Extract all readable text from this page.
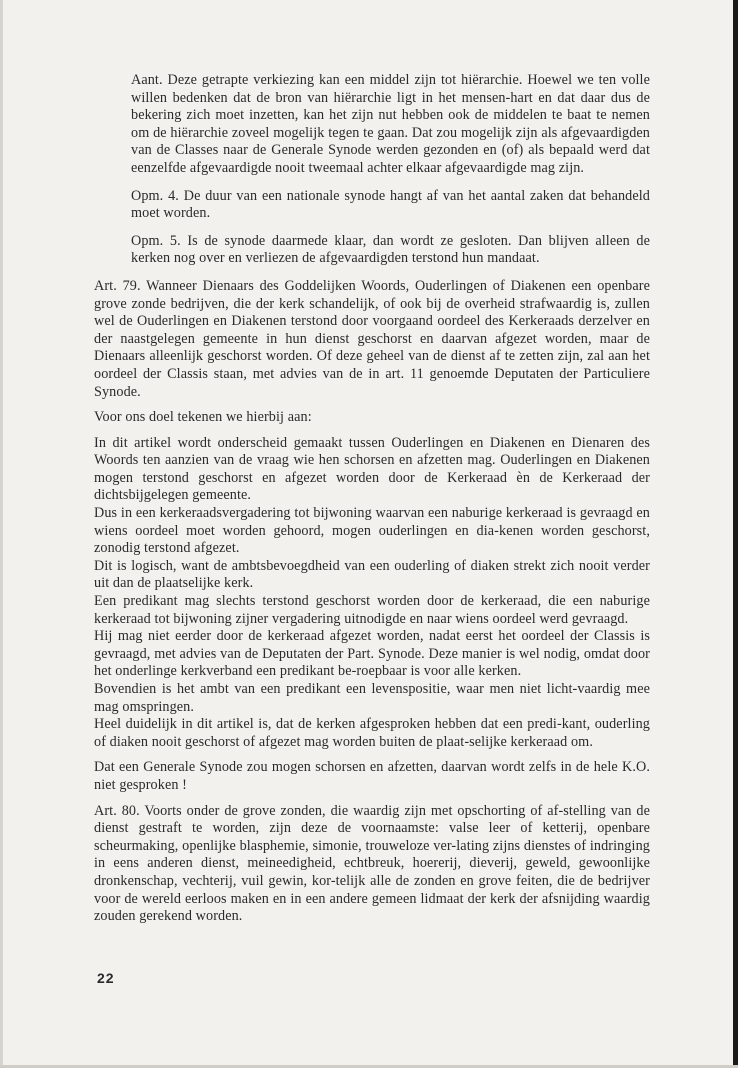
Aant. Deze getrapte verkiezing kan een middel zijn tot hiërarchie. Hoewel we ten volle willen bedenken dat de bron van hiërarchie ligt in het mensen-hart en dat daar dus de bekering zich moet inzetten, kan het zijn nut hebben ook de middelen te baat te nemen om de hiërarchie zoveel mogelijk tegen te gaan. Dat zou mogelijk zijn als afgevaardigden van de Classes naar de Generale Synode werden gezonden en (of) als bepaald werd dat eenzelfde afgevaardigde nooit tweemaal achter elkaar afgevaardigde mag zijn.

Opm. 4. De duur van een nationale synode hangt af van het aantal zaken dat behandeld moet worden.

Opm. 5. Is de synode daarmede klaar, dan wordt ze gesloten. Dan blijven alleen de kerken nog over en verliezen de afgevaardigden terstond hun mandaat.

Art. 79. Wanneer Dienaars des Goddelijken Woords, Ouderlingen of Diakenen een openbare grove zonde bedrijven, die der kerk schandelijk, of ook bij de overheid strafwaardig is, zullen wel de Ouderlingen en Diakenen terstond door voorgaand oordeel des Kerkeraads derzelver en der naastgelegen gemeente in hun dienst geschorst en daarvan afgezet worden, maar de Dienaars alleenlijk geschorst worden. Of deze geheel van de dienst af te zetten zijn, zal aan het oordeel der Classis staan, met advies van de in art. 11 genoemde Deputaten der Particuliere Synode.

Voor ons doel tekenen we hierbij aan:

In dit artikel wordt onderscheid gemaakt tussen Ouderlingen en Diakenen en Dienaren des Woords ten aanzien van de vraag wie hen schorsen en afzetten mag. Ouderlingen en Diakenen mogen terstond geschorst en afgezet worden door de Kerkeraad èn de Kerkeraad der dichtsbijgelegen gemeente.

Dus in een kerkeraadsvergadering tot bijwoning waarvan een naburige kerkeraad is gevraagd en wiens oordeel moet worden gehoord, mogen ouderlingen en dia-kenen worden geschorst, zonodig terstond afgezet.

Dit is logisch, want de ambtsbevoegdheid van een ouderling of diaken strekt zich nooit verder uit dan de plaatselijke kerk.

Een predikant mag slechts terstond geschorst worden door de kerkeraad, die een naburige kerkeraad tot bijwoning zijner vergadering uitnodigde en naar wiens oordeel werd gevraagd.

Hij mag niet eerder door de kerkeraad afgezet worden, nadat eerst het oordeel der Classis is gevraagd, met advies van de Deputaten der Part. Synode. Deze manier is wel nodig, omdat door het onderlinge kerkverband een predikant be-roepbaar is voor alle kerken.

Bovendien is het ambt van een predikant een levenspositie, waar men niet licht-vaardig mee mag omspringen.

Heel duidelijk in dit artikel is, dat de kerken afgesproken hebben dat een predi-kant, ouderling of diaken nooit geschorst of afgezet mag worden buiten de plaat-selijke kerkeraad om.

Dat een Generale Synode zou mogen schorsen en afzetten, daarvan wordt zelfs in de hele K.O. niet gesproken !

Art. 80. Voorts onder de grove zonden, die waardig zijn met opschorting of af-stelling van de dienst gestraft te worden, zijn deze de voornaamste: valse leer of ketterij, openbare scheurmaking, openlijke blasphemie, simonie, trouweloze ver-lating zijns dienstes of indringing in eens anderen dienst, meineedigheid, echtbreuk, hoererij, dieverij, geweld, gewoonlijke dronkenschap, vechterij, vuil gewin, kor-telijk alle de zonden en grove feiten, die de bedrijver voor de wereld eerloos maken en in een andere gemeen lidmaat der kerk der afsnijding waardig zouden gerekend worden.

22
